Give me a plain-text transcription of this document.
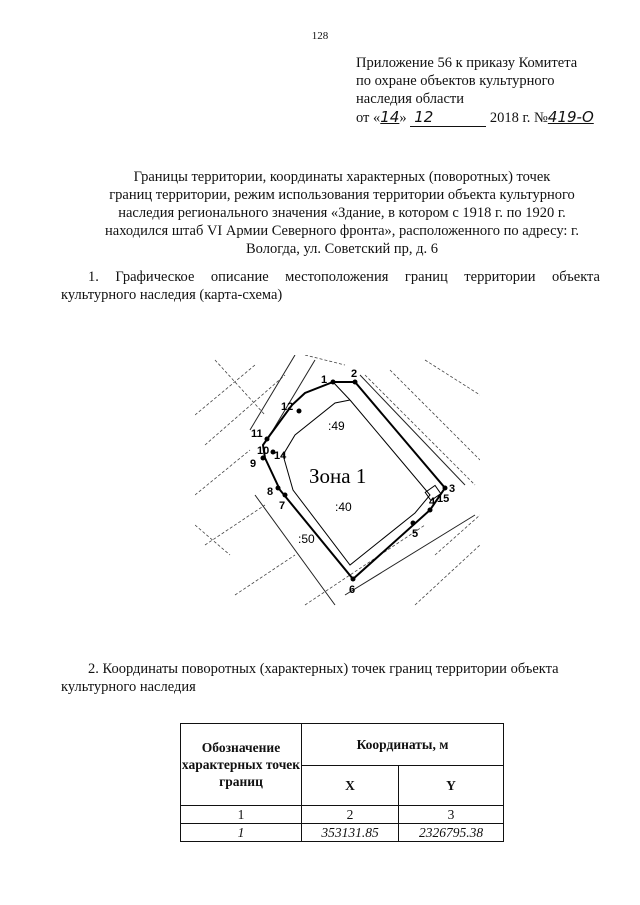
128
Приложение 56 к приказу Комитета
по охране объектов культурного
наследия области
от «14» 12	2018 г. №419-О
Границы территории, координаты характерных (поворотных) точек
границ территории, режим использования территории объекта культурного
наследия регионального значения «Здание, в котором с 1918 г. по 1920 г.
находился штаб VI Армии Северного фронта», расположенного по адресу: г.
Вологда, ул. Советский пр, д. 6
1. Графическое описание местоположения границ территории объекта
культурного наследия (карта-схема)
1 2
3
4
5
6
7
8
9
10
11
12
14
15
Зона 1
:49
:40
:50
2. Координаты поворотных (характерных) точек границ территории объекта

культурного наследия
Обозначение характерных точек границ	Координаты, м	
	X	Y
1	2	3
1	353131.85	2326795.38
